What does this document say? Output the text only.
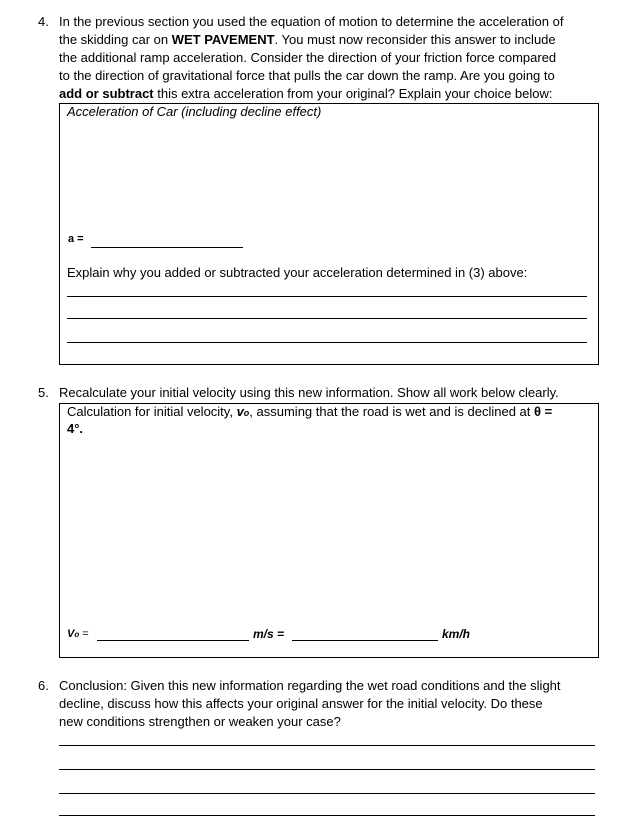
4. In the previous section you used the equation of motion to determine the acceleration of
the skidding car on WET PAVEMENT. You must now reconsider this answer to include
the additional ramp acceleration. Consider the direction of your friction force compared
to the direction of gravitational force that pulls the car down the ramp. Are you going to
add or subtract this extra acceleration from your original? Explain your choice below:
Acceleration of Car (including decline effect)
a =
Explain why you added or subtracted your acceleration determined in (3) above:
5. Recalculate your initial velocity using this new information. Show all work below clearly.
Calculation for initial velocity, vo, assuming that the road is wet and is declined at θ =
4°.
Vo =	m/s =	km/h
6. Conclusion: Given this new information regarding the wet road conditions and the slight
decline, discuss how this affects your original answer for the initial velocity. Do these
new conditions strengthen or weaken your case?
